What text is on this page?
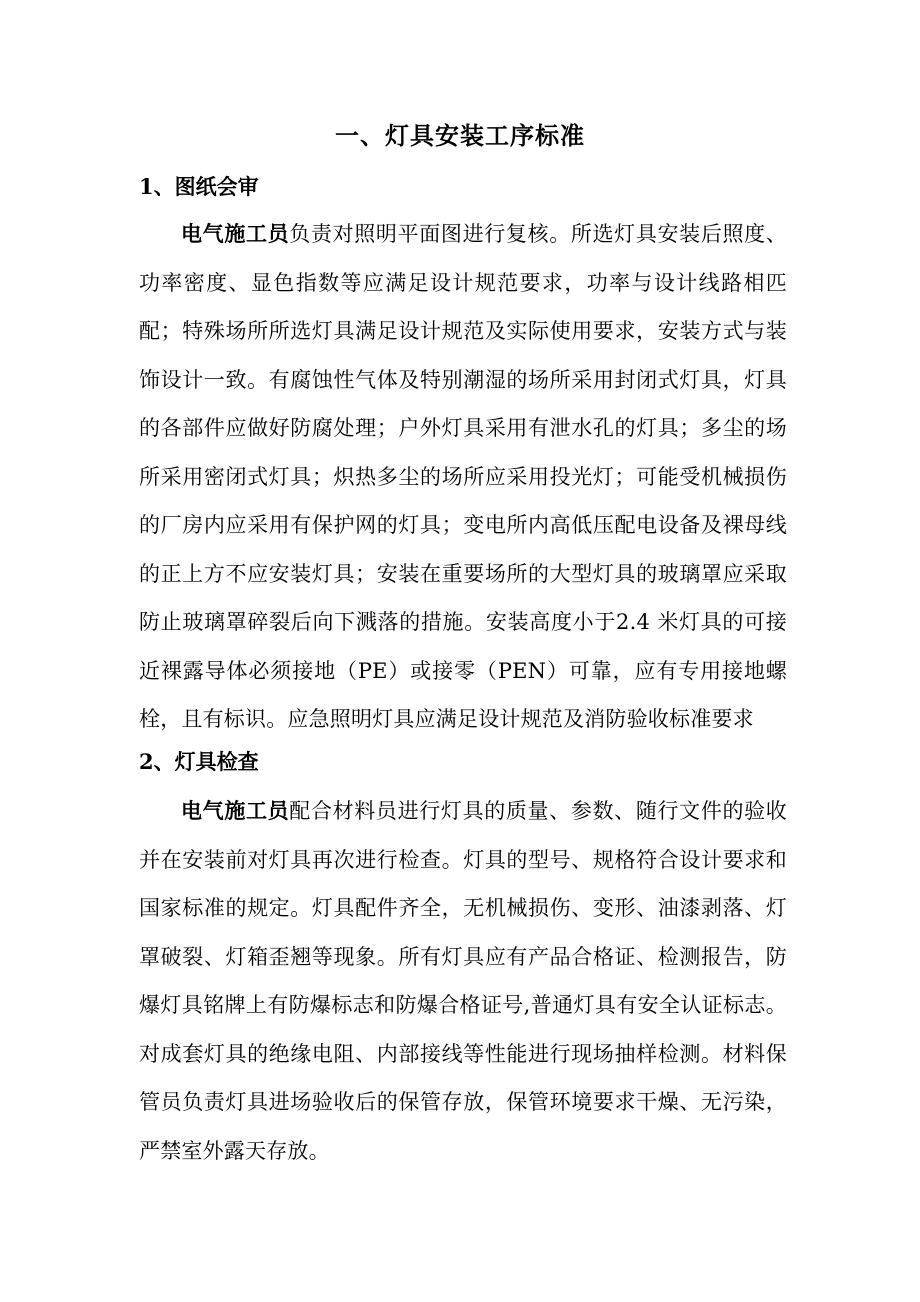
一、灯具安装工序标准
1、图纸会审

电气施工员负责对照明平面图进行复核。所选灯具安装后照度、功率密度、显色指数等应满足设计规范要求，功率与设计线路相匹配；特殊场所所选灯具满足设计规范及实际使用要求，安装方式与装饰设计一致。有腐蚀性气体及特别潮湿的场所采用封闭式灯具，灯具的各部件应做好防腐处理；户外灯具采用有泄水孔的灯具；多尘的场所采用密闭式灯具；炽热多尘的场所应采用投光灯；可能受机械损伤的厂房内应采用有保护网的灯具；变电所内高低压配电设备及裸母线的正上方不应安装灯具；安装在重要场所的大型灯具的玻璃罩应采取防止玻璃罩碎裂后向下溅落的措施。安装高度小于2.4 米灯具的可接近裸露导体必须接地（PE）或接零（PEN）可靠，应有专用接地螺栓，且有标识。应急照明灯具应满足设计规范及消防验收标准要求

2、灯具检查

电气施工员配合材料员进行灯具的质量、参数、随行文件的验收并在安装前对灯具再次进行检查。灯具的型号、规格符合设计要求和国家标准的规定。灯具配件齐全，无机械损伤、变形、油漆剥落、灯罩破裂、灯箱歪翘等现象。所有灯具应有产品合格证、检测报告，防爆灯具铭牌上有防爆标志和防爆合格证号,普通灯具有安全认证标志。对成套灯具的绝缘电阻、内部接线等性能进行现场抽样检测。材料保管员负责灯具进场验收后的保管存放，保管环境要求干燥、无污染，严禁室外露天存放。
